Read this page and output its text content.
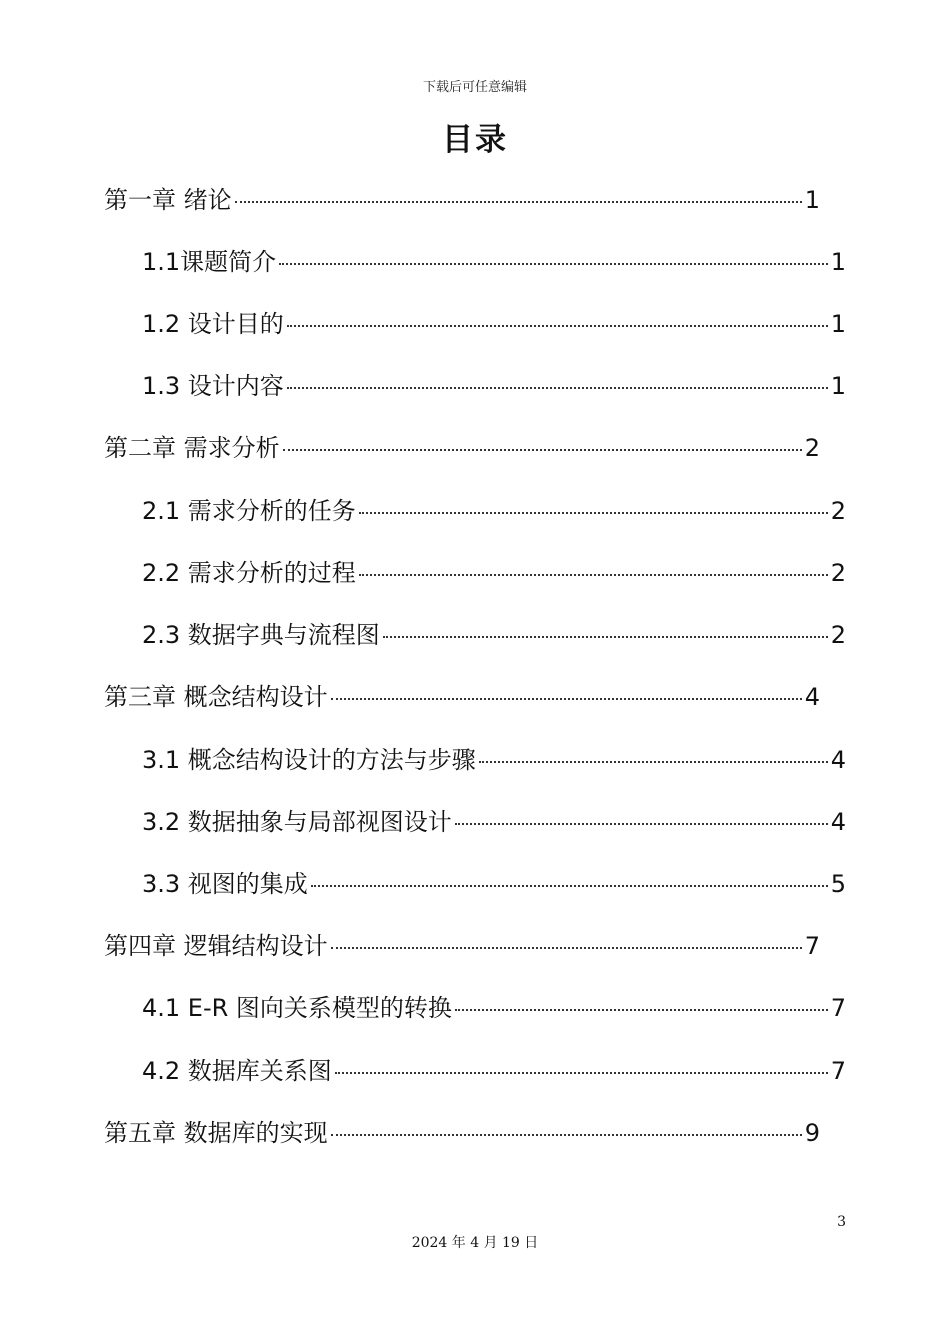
下载后可任意编辑
目录
第一章 绪论	1
1.1课题简介	1
1.2 设计目的	1
1.3 设计内容	1
第二章 需求分析	2
2.1 需求分析的任务	2
2.2 需求分析的过程	2
2.3 数据字典与流程图	2
第三章 概念结构设计	4
3.1 概念结构设计的方法与步骤	4
3.2 数据抽象与局部视图设计	4
3.3 视图的集成	5
第四章 逻辑结构设计	7
4.1 E-R 图向关系模型的转换	7
4.2 数据库关系图	7
第五章 数据库的实现	9
3
2024 年 4 月 19 日
